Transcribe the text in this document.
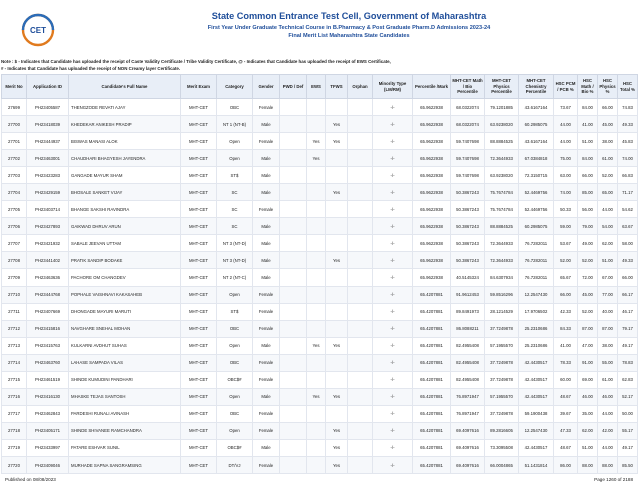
CET
State Common Entrance Test Cell, Government of Maharashtra
First Year Under Graduate Technical Course in B.Pharmacy & Post Graduate Pharm.D Admissions 2023-24
Final Merit List Maharashtra State Candidates
Note : $ - Indicates that Candidate has uploaded the receipt of Caste Validity Certificate / Tribe Validity Certificate, @ - Indicates that Candidate has uploaded the receipt of EWS Certificate,
# - Indicates that Candidate has uploaded the receipt of NON Creamy layer Certificate.
Merit No	Application ID	Candidate's Full Name	Merit Exam	Category	Gender	PWD / Def	EWS	TFWS	Orphan	Minority Type (LM/RM)	Percentile /Mark	MHT-CET Math / Bio Percentile	MHT-CET Physics Percentile	MHT-CET Chemistry Percentile	HSC PCM / PCB %	HSC Math / Bio %	HSC Physics %	HSC Total %
27699	PH23405587	THENGZODE REVATI AJAY	MHT-CET	OBC	Female					-/-	65.9622938	68.0322074	79.1201885	43.6167164	73.67	84.00	66.00	74.83
27700	PH23418039	KHEDEKAR ANIKESH PRADIP	MHT-CET	NT 1 (NT-B)	Male			Yes		-/-	65.9622938	68.0322074	63.9238020	60.2985075	44.00	41.00	45.00	49.33
27701	PH23444937	BISWAS MANASI ALOK	MHT-CET	Open	Female		Yes	Yes		-/-	65.9622938	59.7407698	88.8884525	43.6167164	44.00	51.00	38.00	45.83
27702	PH23463001	CHAUDHARI BHAGYESH JAYENDRA	MHT-CET	Open	Male		Yes			-/-	65.9622938	59.7407698	72.3644933	67.0384818	75.00	84.00	61.00	74.00
27703	PH23423283	GANGADE MAYUR SHAM	MHT-CET	ST$	Male					-/-	65.9622938	59.7407698	63.9238020	72.3150715	63.00	66.00	52.00	66.83
27704	PH23429159	BHOSALE SANKET VIJAY	MHT-CET	SC	Male			Yes		-/-	65.9622938	50.3867243	75.7674784	52.4469756	74.00	85.00	65.00	71.17
27705	PH23403714	BHANGE SAKSHI RAVINDRA	MHT-CET	SC	Female					-/-	65.9622938	50.3867243	75.7674784	52.4469756	50.33	56.00	44.00	54.62
27706	PH23427893	GAIKWAD DHRUV ARUN	MHT-CET	SC	Male					-/-	65.9622938	50.3867243	88.8884525	60.2985075	59.00	79.00	54.00	63.67
27707	PH23421932	SABALE JEEVAN UTTAM	MHT-CET	NT 3 (NT-D)	Male					-/-	65.9622938	50.3867243	72.3644933	76.7282011	53.67	49.00	62.00	58.00
27708	PH23441402	PRATIK SANDIP BODAKE	MHT-CET	NT 3 (NT-D)	Male			Yes		-/-	65.9622938	50.3867243	72.3644933	76.7282011	52.00	52.00	51.00	49.33
27709	PH23463636	PACHORE OM CHANGDEV	MHT-CET	NT 2 (NT-C)	Male					-/-	65.9622938	40.5145324	84.6307934	76.7282011	65.67	72.00	67.00	66.00
27710	PH23444768	POPHALE VAISHNAVI KAKASAHEB	MHT-CET	Open	Female					-/-	65.4207881	91.9612453	59.8516296	12.2547430	66.00	45.00	77.00	66.17
27711	PH23407669	DHONGADE MAYURI MARUTI	MHT-CET	ST$	Female					-/-	65.4207881	89.8491973	28.1214529	17.9706502	42.33	52.00	40.00	46.17
27712	PH23415816	NAVGHARE SNEHAL MOHAN	MHT-CET	OBC	Female					-/-	65.4207881	86.8088211	37.7249878	25.2310686	84.33	87.00	87.00	79.17
27713	PH23415763	KULKARNI AVDHUT SUHAS	MHT-CET	Open	Male		Yes	Yes		-/-	65.4207881	82.4955408	57.1955570	25.2310686	41.00	47.00	38.00	49.17
27714	PH23463760	LAHASE SAMPADA VILAS	MHT-CET	OBC	Female					-/-	65.4207881	82.4955408	37.7249878	42.4430517	78.33	91.00	55.00	78.83
27715	PH23461519	SHINDE KUMUDINI PANDHARI	MHT-CET	OBC$#	Female					-/-	65.4207881	82.4955408	37.7249878	42.4430517	60.00	69.00	61.00	62.83
27716	PH23416130	MHASKE TEJAS SANTOSH	MHT-CET	Open	Male		Yes	Yes		-/-	65.4207881	76.8971947	57.1955570	42.4430517	48.67	46.00	46.00	52.17
27717	PH23462843	PARDESHI RUNALI AVINASH	MHT-CET	OBC	Female					-/-	65.4207881	76.8971947	37.7249878	59.1900438	39.67	35.00	44.00	50.00
27718	PH23405171	SHINDE SHIVANEE RAMCHANDRA	MHT-CET	Open	Female			Yes		-/-	65.4207881	69.4097616	89.2816605	12.2547430	47.33	62.00	42.00	55.17
27719	PH23433997	PATARE ESHVAR SUNIL	MHT-CET	OBC$#	Male			Yes		-/-	65.4207881	69.4097616	73.3095508	42.4430517	48.67	51.00	44.00	49.17
27720	PH23409046	MURHADE SAPNA SANGRAMSING	MHT-CET	DT/VJ	Female			Yes		-/-	65.4207881	69.4097616	66.0004865	51.1431814	86.00	88.00	88.00	85.50
Published on 08/08/2023	Page 1260 of 2188
